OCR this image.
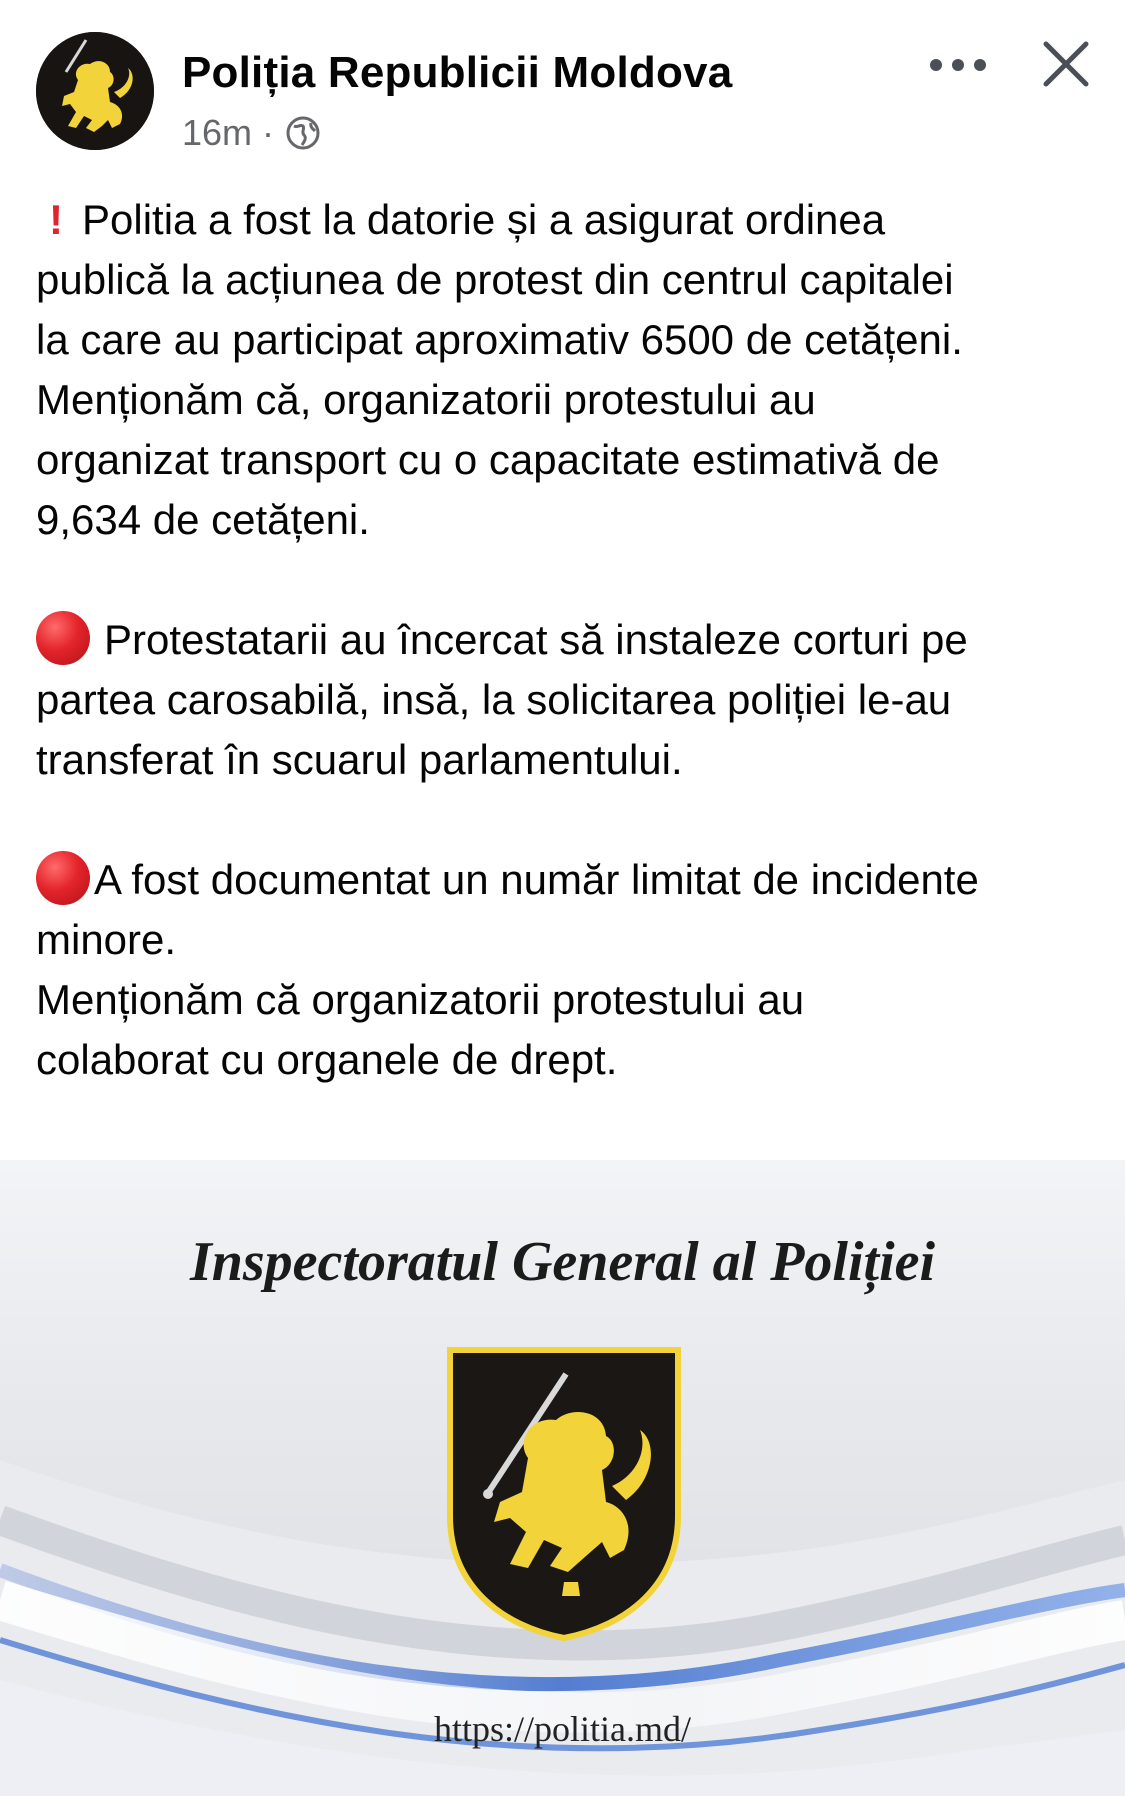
Poliția Republicii Moldova
16m ·
! Politia a fost la datorie și a asigurat ordinea
publică la acțiunea de protest din centrul capitalei
la care au participat aproximativ 6500 de cetățeni.
Menționăm că, organizatorii protestului au
organizat transport cu o capacitate estimativă de
9,634 de cetățeni.
Protestatarii au încercat să instaleze corturi pe
partea carosabilă, insă, la solicitarea poliției le-au
transferat în scuarul parlamentului.
A fost documentat un număr limitat de incidente
minore.
Menționăm că organizatorii protestului au
colaborat cu organele de drept.
Inspectoratul General al Poliției
https://politia.md/
